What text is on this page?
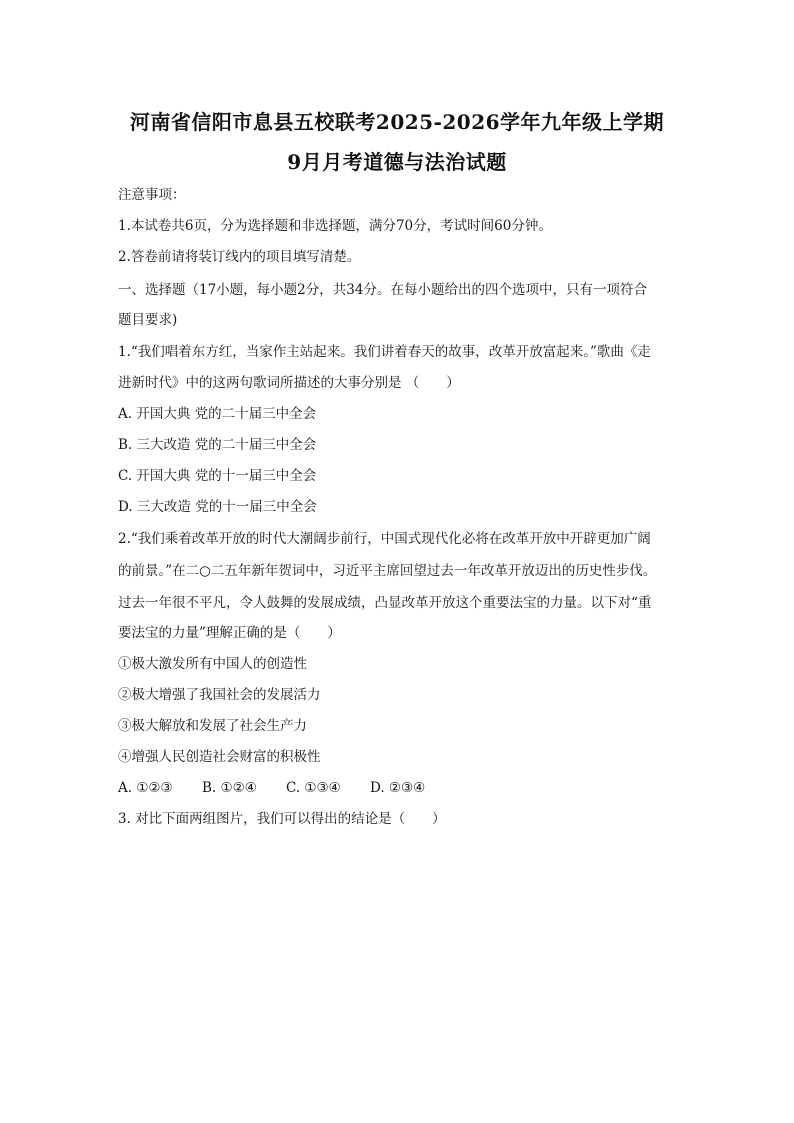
河南省信阳市息县五校联考2025-2026学年九年级上学期
9月月考道德与法治试题
注意事项：
1.本试卷共6页，分为选择题和非选择题，满分70分，考试时间60分钟。
2.答卷前请将装订线内的项目填写清楚。
一、选择题（17小题，每小题2分，共34分。在每小题给出的四个选项中，只有一项符合
题目要求)
1.“我们唱着东方红，当家作主站起来。我们讲着春天的故事，改革开放富起来。”歌曲《走
进新时代》中的这两句歌词所描述的大事分别是 （　　）
A. 开国大典 党的二十届三中全会
B. 三大改造 党的二十届三中全会
C. 开国大典 党的十一届三中全会
D. 三大改造 党的十一届三中全会
2.“我们乘着改革开放的时代大潮阔步前行，中国式现代化必将在改革开放中开辟更加广阔
的前景。”在二○二五年新年贺词中，习近平主席回望过去一年改革开放迈出的历史性步伐。
过去一年很不平凡，令人鼓舞的发展成绩，凸显改革开放这个重要法宝的力量。以下对“重
要法宝的力量”理解正确的是（　　）
①极大激发所有中国人的创造性
②极大增强了我国社会的发展活力
③极大解放和发展了社会生产力
④增强人民创造社会财富的积极性
A. ①②③ B. ①②④ C. ①③④ D. ②③④
3. 对比下面两组图片，我们可以得出的结论是（　　）
